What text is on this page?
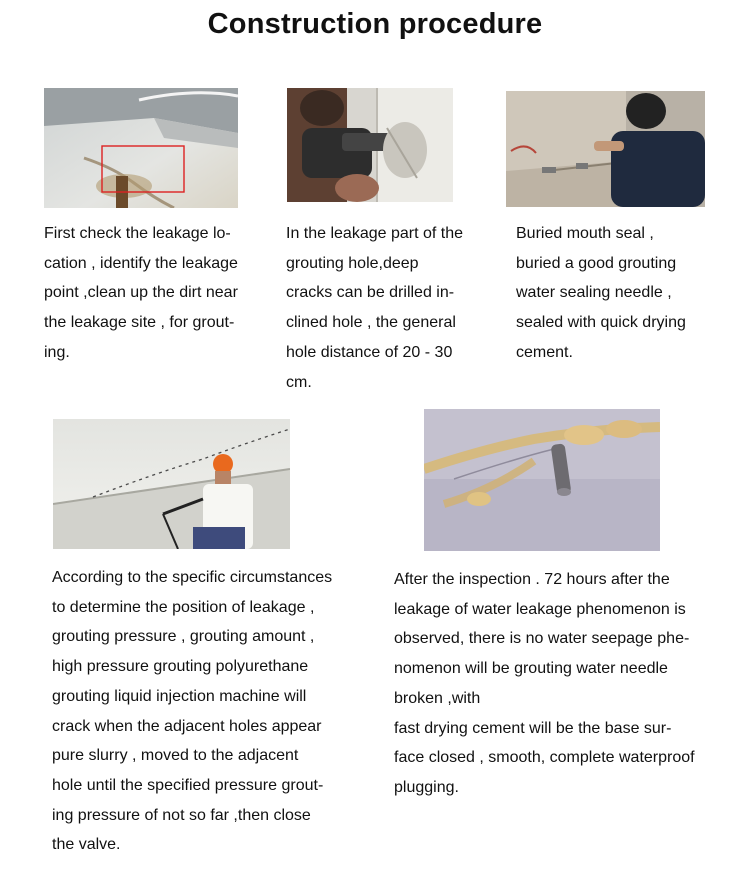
Construction procedure
First check the leakage lo-
cation , identify the leakage
point ,clean up the dirt near
the leakage site , for grout-
ing.
In the leakage part of the
grouting hole,deep
cracks can be drilled in-
clined hole , the general
hole distance of 20 - 30
cm.
Buried mouth seal ,
buried a good grouting
water sealing needle ,
sealed with quick drying
cement.
According to the specific circumstances
to determine the position of leakage ,
grouting pressure , grouting amount ,
high pressure grouting polyurethane
grouting liquid injection machine will
crack when the adjacent holes appear
pure slurry , moved to the adjacent
hole until the specified pressure grout-
ing pressure of not so far ,then close
the valve.
After the inspection . 72 hours after the
leakage of water leakage phenomenon is
observed, there is no water seepage phe-
nomenon will be grouting water needle
broken ,with
fast drying cement will be the base sur-
face closed , smooth, complete waterproof
plugging.
